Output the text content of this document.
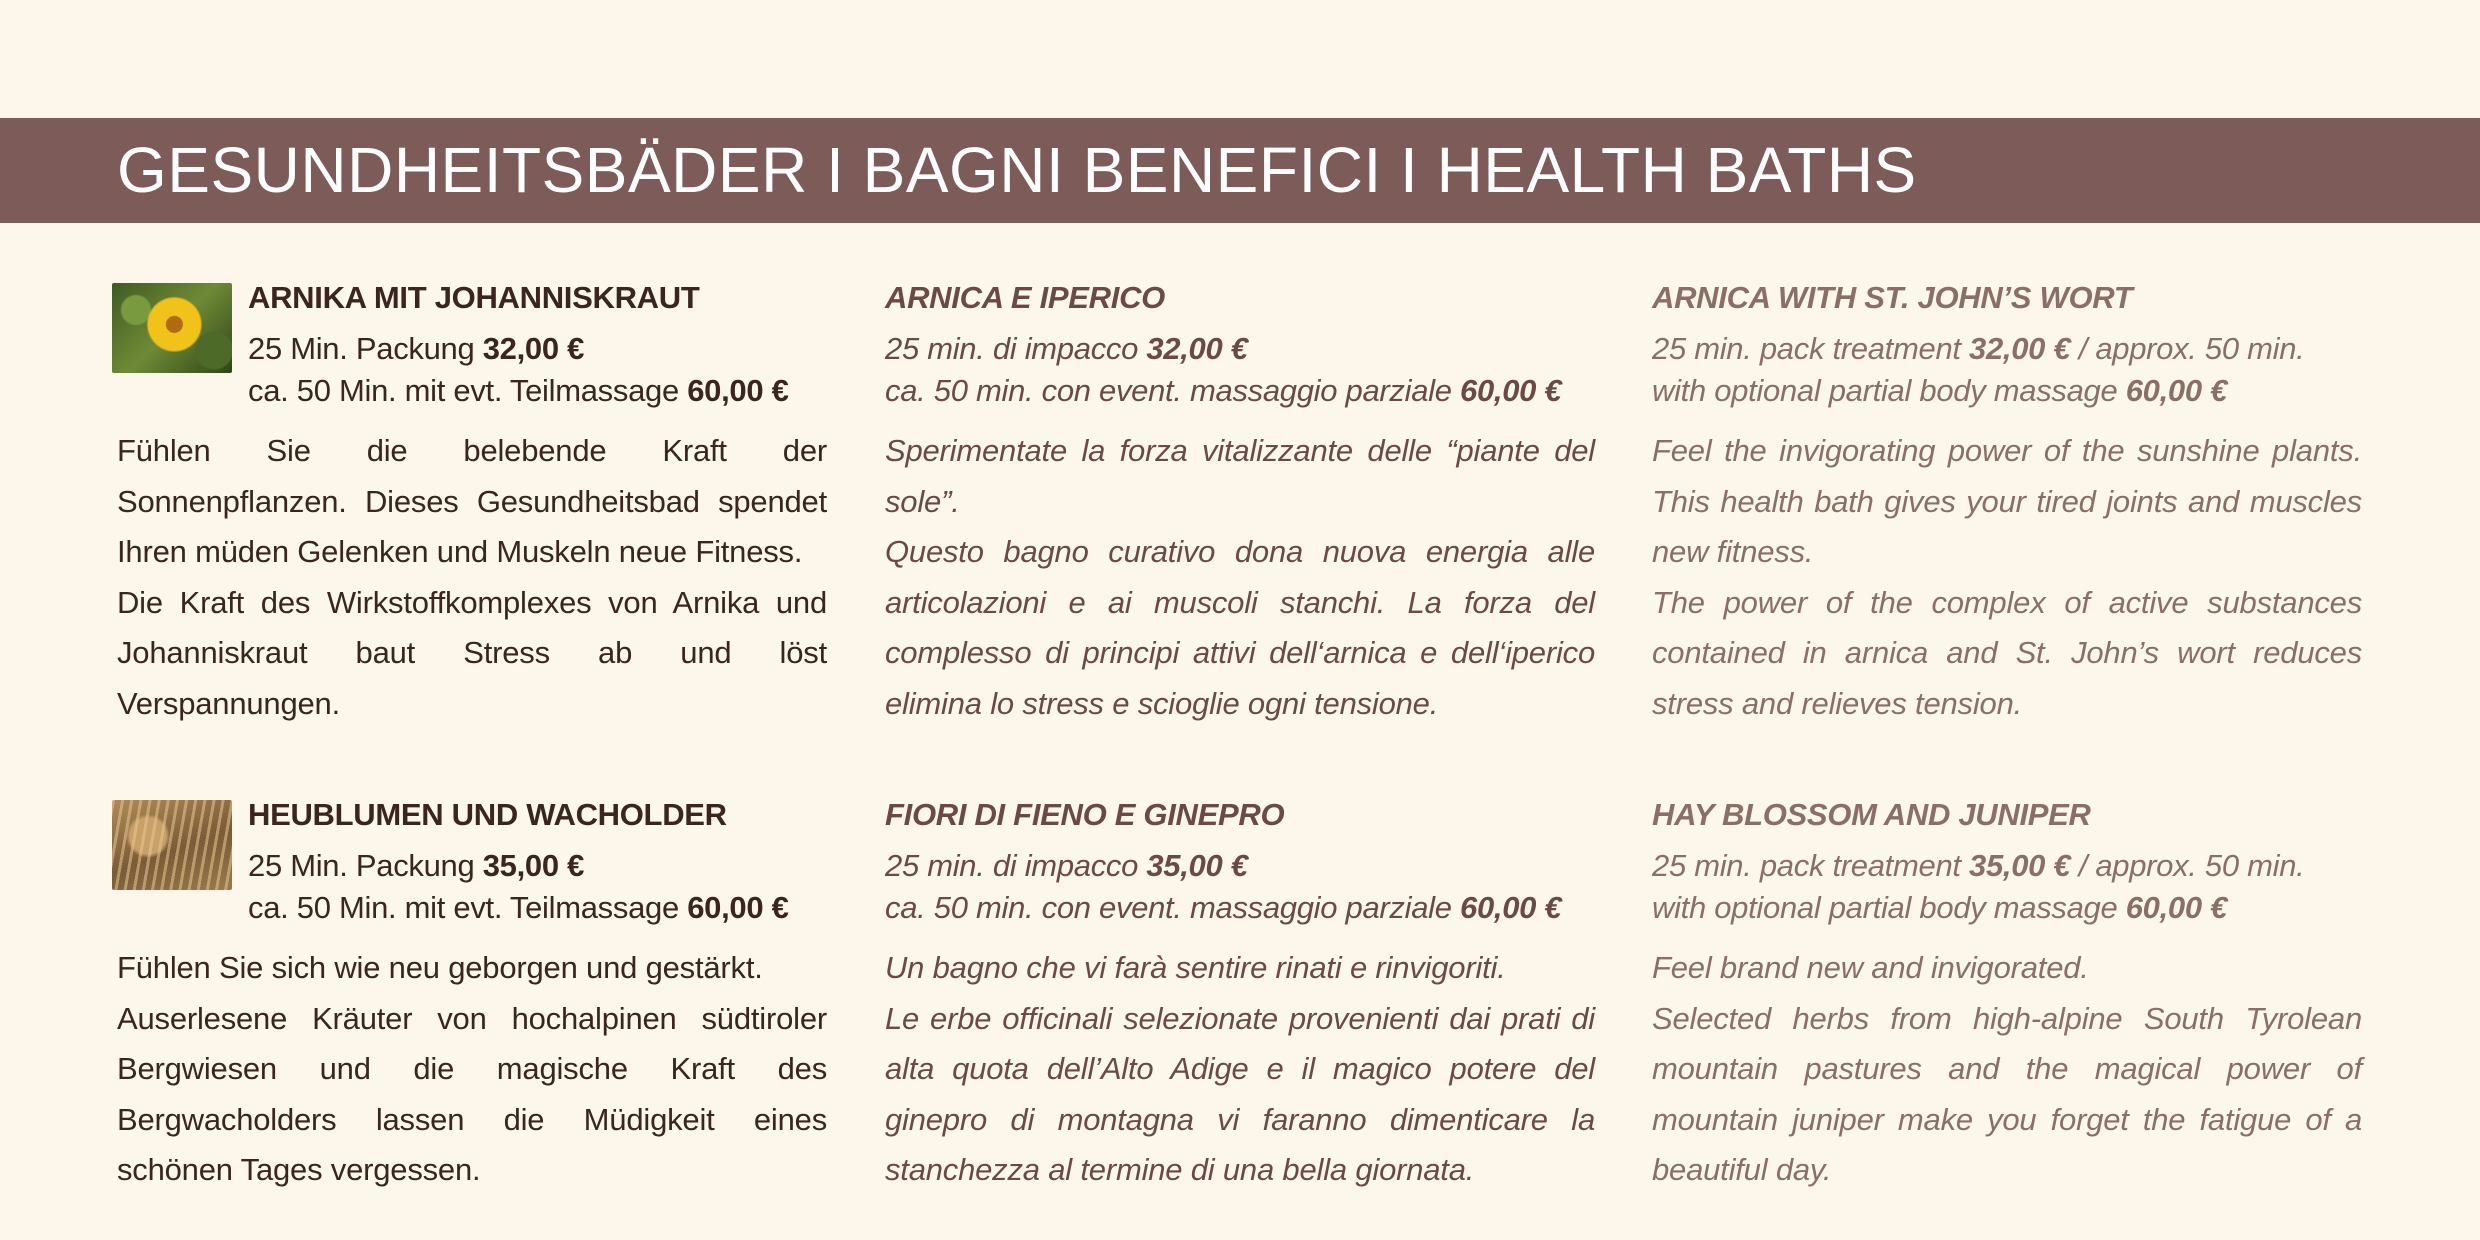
GESUNDHEITSBÄDER I BAGNI BENEFICI I HEALTH BATHS
ARNIKA MIT JOHANNISKRAUT
25 Min. Packung 32,00 €
ca. 50 Min. mit evt. Teilmassage 60,00 €

Fühlen Sie die belebende Kraft der Sonnenpflanzen. Dieses Gesundheitsbad spendet Ihren müden Gelenken und Muskeln neue Fitness.

Die Kraft des Wirkstoffkomplexes von Arnika und Johanniskraut baut Stress ab und löst Verspannungen.

ARNICA E IPERICO
25 min. di impacco 32,00 €
ca. 50 min. con event. massaggio parziale 60,00 €

Sperimentate la forza vitalizzante delle “piante del sole”.

Questo bagno curativo dona nuova energia alle articolazioni e ai muscoli stanchi. La forza del complesso di principi attivi dell‘arnica e dell‘iperico elimina lo stress e scioglie ogni tensione.

ARNICA WITH ST. JOHN’S WORT
25 min. pack treatment 32,00 € / approx. 50 min.
with optional partial body massage 60,00 €

Feel the invigorating power of the sunshine plants. This health bath gives your tired joints and muscles new fitness.

The power of the complex of active substances contained in arnica and St. John’s wort reduces stress and relieves tension.

HEUBLUMEN UND WACHOLDER
25 Min. Packung 35,00 €
ca. 50 Min. mit evt. Teilmassage 60,00 €

Fühlen Sie sich wie neu geborgen und gestärkt.

Auserlesene Kräuter von hochalpinen südtiroler Bergwiesen und die magische Kraft des Bergwacholders lassen die Müdigkeit eines schönen Tages vergessen.

FIORI DI FIENO E GINEPRO
25 min. di impacco 35,00 €
ca. 50 min. con event. massaggio parziale 60,00 €

Un bagno che vi farà sentire rinati e rinvigoriti.

Le erbe officinali selezionate provenienti dai prati di alta quota dell’Alto Adige e il magico potere del ginepro di montagna vi faranno dimenticare la stanchezza al termine di una bella giornata.

HAY BLOSSOM AND JUNIPER
25 min. pack treatment 35,00 € / approx. 50 min.
with optional partial body massage 60,00 €

Feel brand new and invigorated.

Selected herbs from high-alpine South Tyrolean mountain pastures and the magical power of mountain juniper make you forget the fatigue of a beautiful day.
